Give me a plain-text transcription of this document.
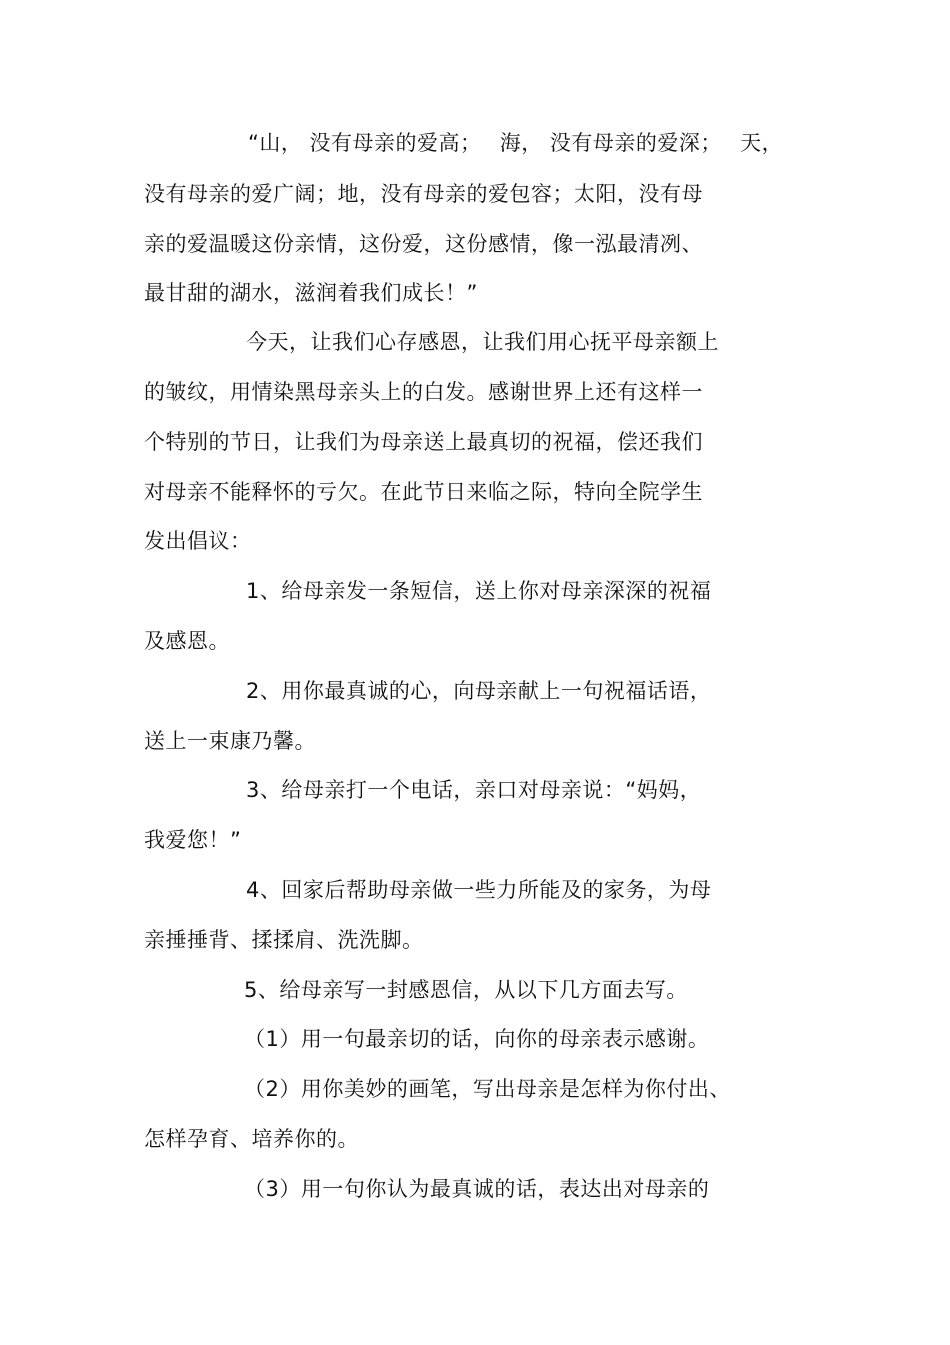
“山， 没有母亲的爱高；　 海， 没有母亲的爱深；　 天，
没有母亲的爱广阔；地，没有母亲的爱包容；太阳，没有母
亲的爱温暖这份亲情，这份爱，这份感情，像一泓最清冽、
最甘甜的湖水，滋润着我们成长！”
今天，让我们心存感恩，让我们用心抚平母亲额上
的皱纹，用情染黑母亲头上的白发。感谢世界上还有这样一
个特别的节日，让我们为母亲送上最真切的祝福，偿还我们
对母亲不能释怀的亏欠。在此节日来临之际，特向全院学生
发出倡议：
1、给母亲发一条短信，送上你对母亲深深的祝福
及感恩。
2、用你最真诚的心，向母亲献上一句祝福话语，
送上一束康乃馨。
3、给母亲打一个电话，亲口对母亲说：“妈妈，
我爱您！”
4、回家后帮助母亲做一些力所能及的家务，为母
亲捶捶背、揉揉肩、洗洗脚。
5、给母亲写一封感恩信，从以下几方面去写。
（1）用一句最亲切的话，向你的母亲表示感谢。
（2）用你美妙的画笔，写出母亲是怎样为你付出、
怎样孕育、培养你的。
（3）用一句你认为最真诚的话，表达出对母亲的
